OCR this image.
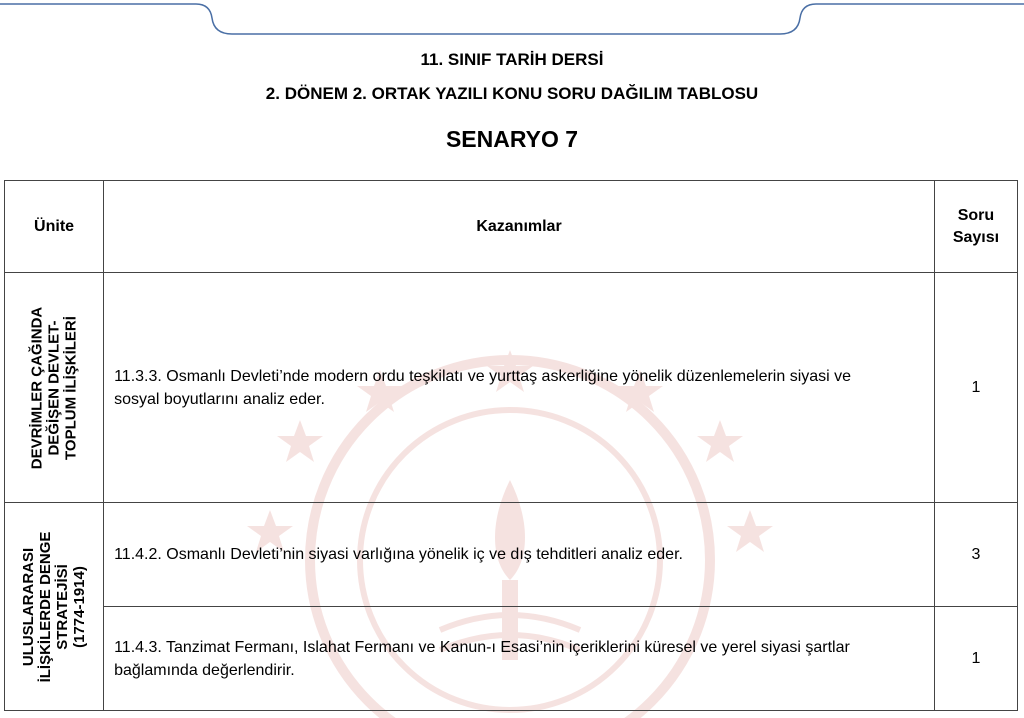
11. SINIF TARİH DERSİ
2. DÖNEM 2. ORTAK YAZILI KONU SORU DAĞILIM TABLOSU
SENARYO 7
Ünite	Kazanımlar	Soru
Sayısı

DEVRİMLER ÇAĞINDA DEĞİŞEN DEVLET- TOPLUM İLİŞKİLERİ	11.3.3. Osmanlı Devleti’nde modern ordu teşkilatı ve yurttaş askerliğine yönelik düzenlemelerin siyasi ve sosyal boyutlarını analiz eder.	1

ULUSLARARASI İLİŞKİLERDE DENGE STRATEJİSİ (1774-1914)	11.4.2. Osmanlı Devleti’nin siyasi varlığına yönelik iç ve dış tehditleri analiz eder.	3
	11.4.3. Tanzimat Fermanı, Islahat Fermanı ve Kanun-ı Esasi’nin içeriklerini küresel ve yerel siyasi şartlar bağlamında değerlendirir.	1
